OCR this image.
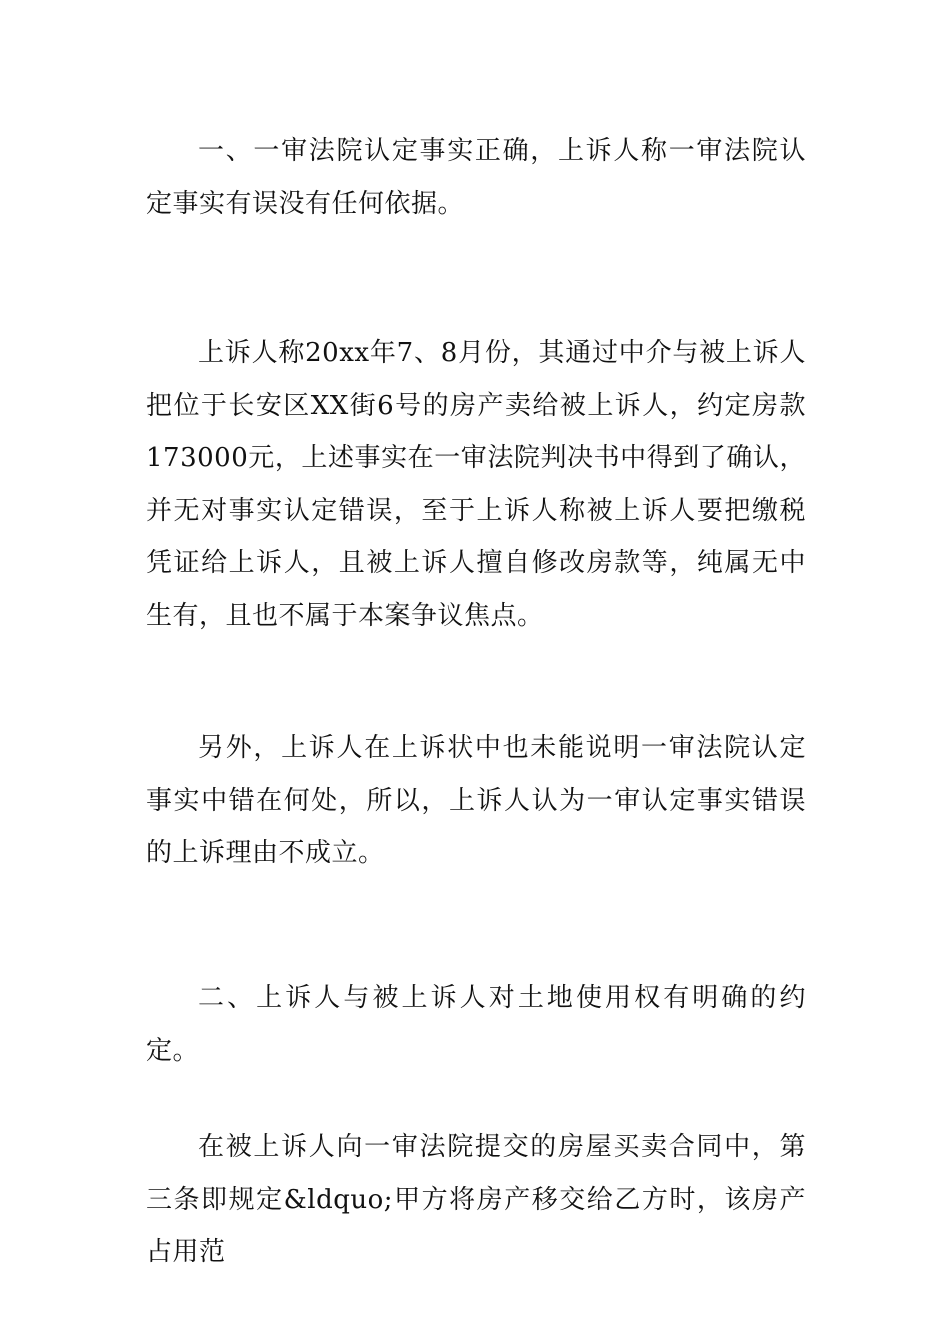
一、一审法院认定事实正确，上诉人称一审法院认定事实有误没有任何依据。

上诉人称20xx年7、8月份，其通过中介与被上诉人把位于长安区XX街6号的房产卖给被上诉人，约定房款173000元，上述事实在一审法院判决书中得到了确认，并无对事实认定错误，至于上诉人称被上诉人要把缴税凭证给上诉人，且被上诉人擅自修改房款等，纯属无中生有，且也不属于本案争议焦点。

另外，上诉人在上诉状中也未能说明一审法院认定事实中错在何处，所以，上诉人认为一审认定事实错误的上诉理由不成立。

二、上诉人与被上诉人对土地使用权有明确的约定。

在被上诉人向一审法院提交的房屋买卖合同中，第三条即规定&ldquo;甲方将房产移交给乙方时，该房产占用范
